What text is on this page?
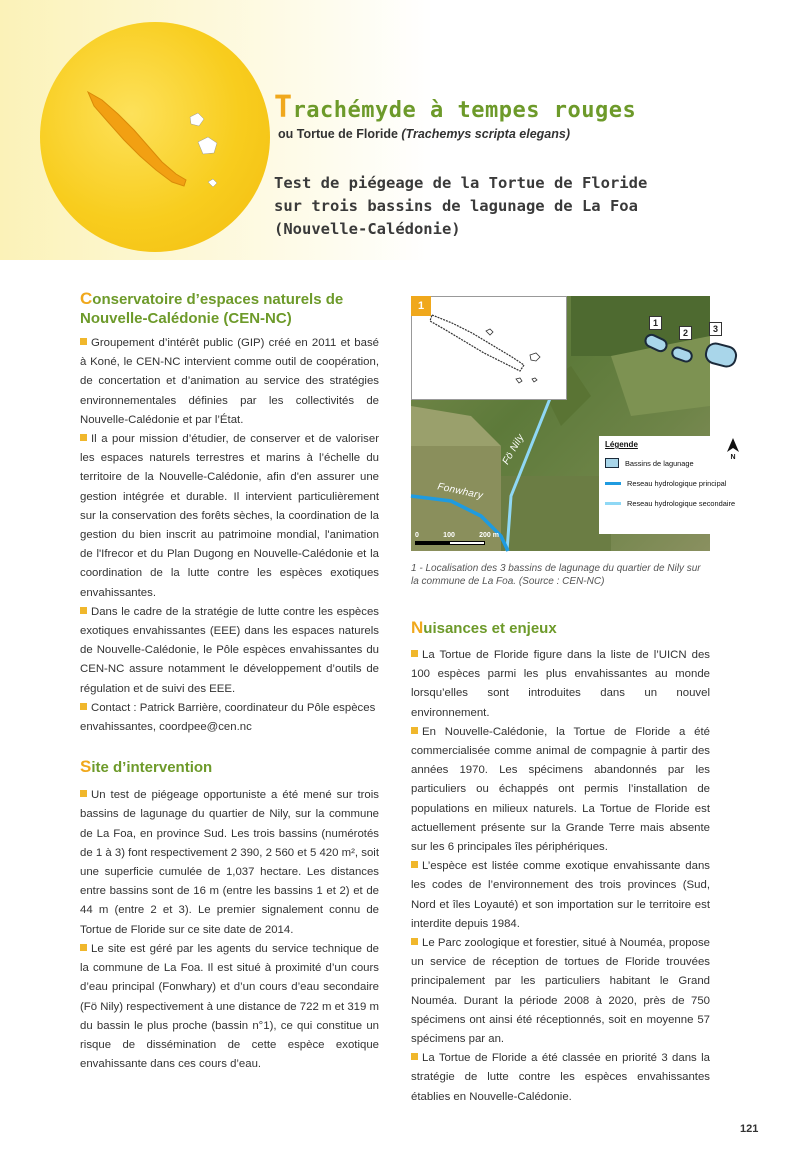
Trachémyde à tempes rouges
ou Tortue de Floride (Trachemys scripta elegans)
Test de piégeage de la Tortue de Floride
sur trois bassins de lagunage de La Foa
(Nouvelle-Calédonie)
Conservatoire d’espaces naturels de Nouvelle-Calédonie (CEN-NC)
Groupement d’intérêt public (GIP) créé en 2011 et basé à Koné, le CEN-NC intervient comme outil de coopération, de concertation et d’animation au service des stratégies environnementales définies par les collectivités de Nouvelle-Calédonie et par l’État.
Il a pour mission d’étudier, de conserver et de valoriser les espaces naturels terrestres et marins à l’échelle du territoire de la Nouvelle-Calédonie, afin d'en assurer une gestion intégrée et durable. Il intervient particulièrement sur la conservation des forêts sèches, la coordination de la gestion du bien inscrit au patrimoine mondial, l'animation de l'Ifrecor et du Plan Dugong en Nouvelle-Calédonie et la coordination de la lutte contre les espèces exotiques envahissantes.
Dans le cadre de la stratégie de lutte contre les espèces exotiques envahissantes (EEE) dans les espaces naturels de Nouvelle-Calédonie, le Pôle espèces envahissantes du CEN-NC assure notamment le développement d’outils de régulation et de suivi des EEE.
Contact : Patrick Barrière, coordinateur du Pôle espèces envahissantes, coordpee@cen.nc
Site d’intervention
Un test de piégeage opportuniste a été mené sur trois bassins de lagunage du quartier de Nily, sur la commune de La Foa, en province Sud. Les trois bassins (numérotés de 1 à 3) font respectivement 2 390, 2 560 et 5 420 m², soit une superficie cumulée de 1,037 hectare. Les distances entre bassins sont de 16 m (entre les bassins 1 et 2) et de 44 m (entre 2 et 3). Le premier signalement connu de Tortue de Floride sur ce site date de 2014.
Le site est géré par les agents du service technique de la commune de La Foa. Il est situé à proximité d’un cours d’eau principal (Fonwhary) et d’un cours d’eau secondaire (Fö Nily) respectivement à une distance de 722 m et 319 m du bassin le plus proche (bassin n°1), ce qui constitue un risque de dissémination de cette espèce exotique envahissante dans ces cours d’eau.
1
1
2	3
Fö Nily
Fonwhary
Légende
Bassins de lagunage
Reseau hydrologique principal
Reseau hydrologique secondaire
N
0	100	200 m
1 - Localisation des 3 bassins de lagunage du quartier de Nily sur la commune de La Foa. (Source : CEN-NC)
Nuisances et enjeux
La Tortue de Floride figure dans la liste de l’UICN des 100 espèces parmi les plus envahissantes au monde lorsqu’elles sont introduites dans un nouvel environnement.
En Nouvelle-Calédonie, la Tortue de Floride a été commercialisée comme animal de compagnie à partir des années 1970. Les spécimens abandonnés par les particuliers ou échappés ont permis l’installation de populations en milieux naturels. La Tortue de Floride est actuellement présente sur la Grande Terre mais absente sur les 6 principales îles périphériques.
L’espèce est listée comme exotique envahissante dans les codes de l’environnement des trois provinces (Sud, Nord et îles Loyauté) et son importation sur le territoire est interdite depuis 1984.
Le Parc zoologique et forestier, situé à Nouméa, propose un service de réception de tortues de Floride trouvées principalement par les particuliers habitant le Grand Nouméa. Durant la période 2008 à 2020, près de 750 spécimens ont ainsi été réceptionnés, soit en moyenne 57 spécimens par an.
La Tortue de Floride a été classée en priorité 3 dans la stratégie de lutte contre les espèces envahissantes établies en Nouvelle-Calédonie.
121
